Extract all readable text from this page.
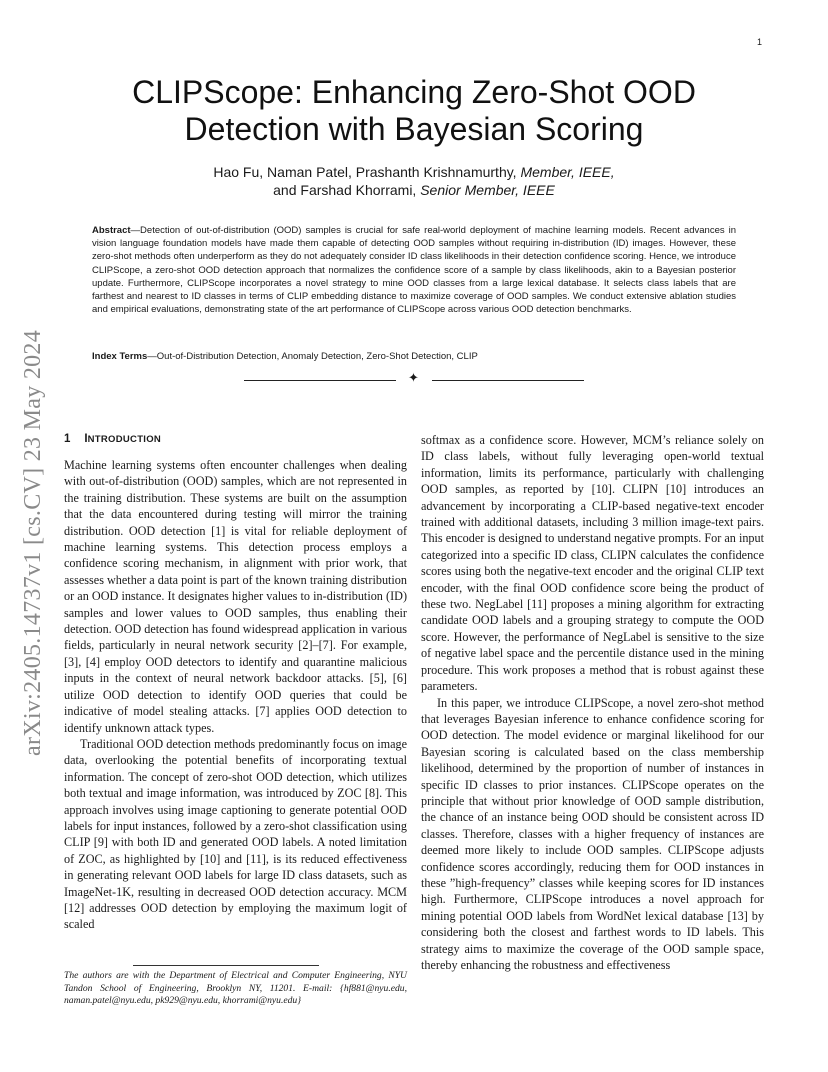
1
arXiv:2405.14737v1 [cs.CV] 23 May 2024
CLIPScope: Enhancing Zero-Shot OOD Detection with Bayesian Scoring
Hao Fu, Naman Patel, Prashanth Krishnamurthy, Member, IEEE,
and Farshad Khorrami, Senior Member, IEEE

Abstract—Detection of out-of-distribution (OOD) samples is crucial for safe real-world deployment of machine learning models. Recent advances in vision language foundation models have made them capable of detecting OOD samples without requiring in-distribution (ID) images. However, these zero-shot methods often underperform as they do not adequately consider ID class likelihoods in their detection confidence scoring. Hence, we introduce CLIPScope, a zero-shot OOD detection approach that normalizes the confidence score of a sample by class likelihoods, akin to a Bayesian posterior update. Furthermore, CLIPScope incorporates a novel strategy to mine OOD classes from a large lexical database. It selects class labels that are farthest and nearest to ID classes in terms of CLIP embedding distance to maximize coverage of OOD samples. We conduct extensive ablation studies and empirical evaluations, demonstrating state of the art performance of CLIPScope across various OOD detection benchmarks.

Index Terms—Out-of-Distribution Detection, Anomaly Detection, Zero-Shot Detection, CLIP

✦
1 INTRODUCTION

Machine learning systems often encounter challenges when dealing with out-of-distribution (OOD) samples, which are not represented in the training distribution. These systems are built on the assumption that the data encountered during testing will mirror the training distribution. OOD detection [1] is vital for reliable deployment of machine learning systems. This detection process employs a confidence scoring mechanism, in alignment with prior work, that assesses whether a data point is part of the known training distribution or an OOD instance. It designates higher values to in-distribution (ID) samples and lower values to OOD samples, thus enabling their detection. OOD detection has found widespread application in various fields, particularly in neural network security [2]–[7]. For example, [3], [4] employ OOD detectors to identify and quarantine malicious inputs in the context of neural network backdoor attacks. [5], [6] utilize OOD detection to identify OOD queries that could be indicative of model stealing attacks. [7] applies OOD detection to identify unknown attack types.

Traditional OOD detection methods predominantly focus on image data, overlooking the potential benefits of incorporating textual information. The concept of zero-shot OOD detection, which utilizes both textual and image information, was introduced by ZOC [8]. This approach involves using image captioning to generate potential OOD labels for input instances, followed by a zero-shot classification using CLIP [9] with both ID and generated OOD labels. A noted limitation of ZOC, as highlighted by [10] and [11], is its reduced effectiveness in generating relevant OOD labels for large ID class datasets, such as ImageNet-1K, resulting in decreased OOD detection accuracy. MCM [12] addresses OOD detection by employing the maximum logit of scaled

softmax as a confidence score. However, MCM’s reliance solely on ID class labels, without fully leveraging open-world textual information, limits its performance, particularly with challenging OOD samples, as reported by [10]. CLIPN [10] introduces an advancement by incorporating a CLIP-based negative-text encoder trained with additional datasets, including 3 million image-text pairs. This encoder is designed to understand negative prompts. For an input categorized into a specific ID class, CLIPN calculates the confidence scores using both the negative-text encoder and the original CLIP text encoder, with the final OOD confidence score being the product of these two. NegLabel [11] proposes a mining algorithm for extracting candidate OOD labels and a grouping strategy to compute the OOD score. However, the performance of NegLabel is sensitive to the size of negative label space and the percentile distance used in the mining procedure. This work proposes a method that is robust against these parameters.

In this paper, we introduce CLIPScope, a novel zero-shot method that leverages Bayesian inference to enhance confidence scoring for OOD detection. The model evidence or marginal likelihood for our Bayesian scoring is calculated based on the class membership likelihood, determined by the proportion of number of instances in specific ID classes to prior instances. CLIPScope operates on the principle that without prior knowledge of OOD sample distribution, the chance of an instance being OOD should be consistent across ID classes. Therefore, classes with a higher frequency of instances are deemed more likely to include OOD samples. CLIPScope adjusts confidence scores accordingly, reducing them for OOD instances in these ”high-frequency” classes while keeping scores for ID instances high. Furthermore, CLIPScope introduces a novel approach for mining potential OOD labels from WordNet lexical database [13] by considering both the closest and farthest words to ID labels. This strategy aims to maximize the coverage of the OOD sample space, thereby enhancing the robustness and effectiveness

The authors are with the Department of Electrical and Computer Engineering, NYU Tandon School of Engineering, Brooklyn NY, 11201. E-mail: {hf881@nyu.edu, naman.patel@nyu.edu, pk929@nyu.edu, khorrami@nyu.edu}
